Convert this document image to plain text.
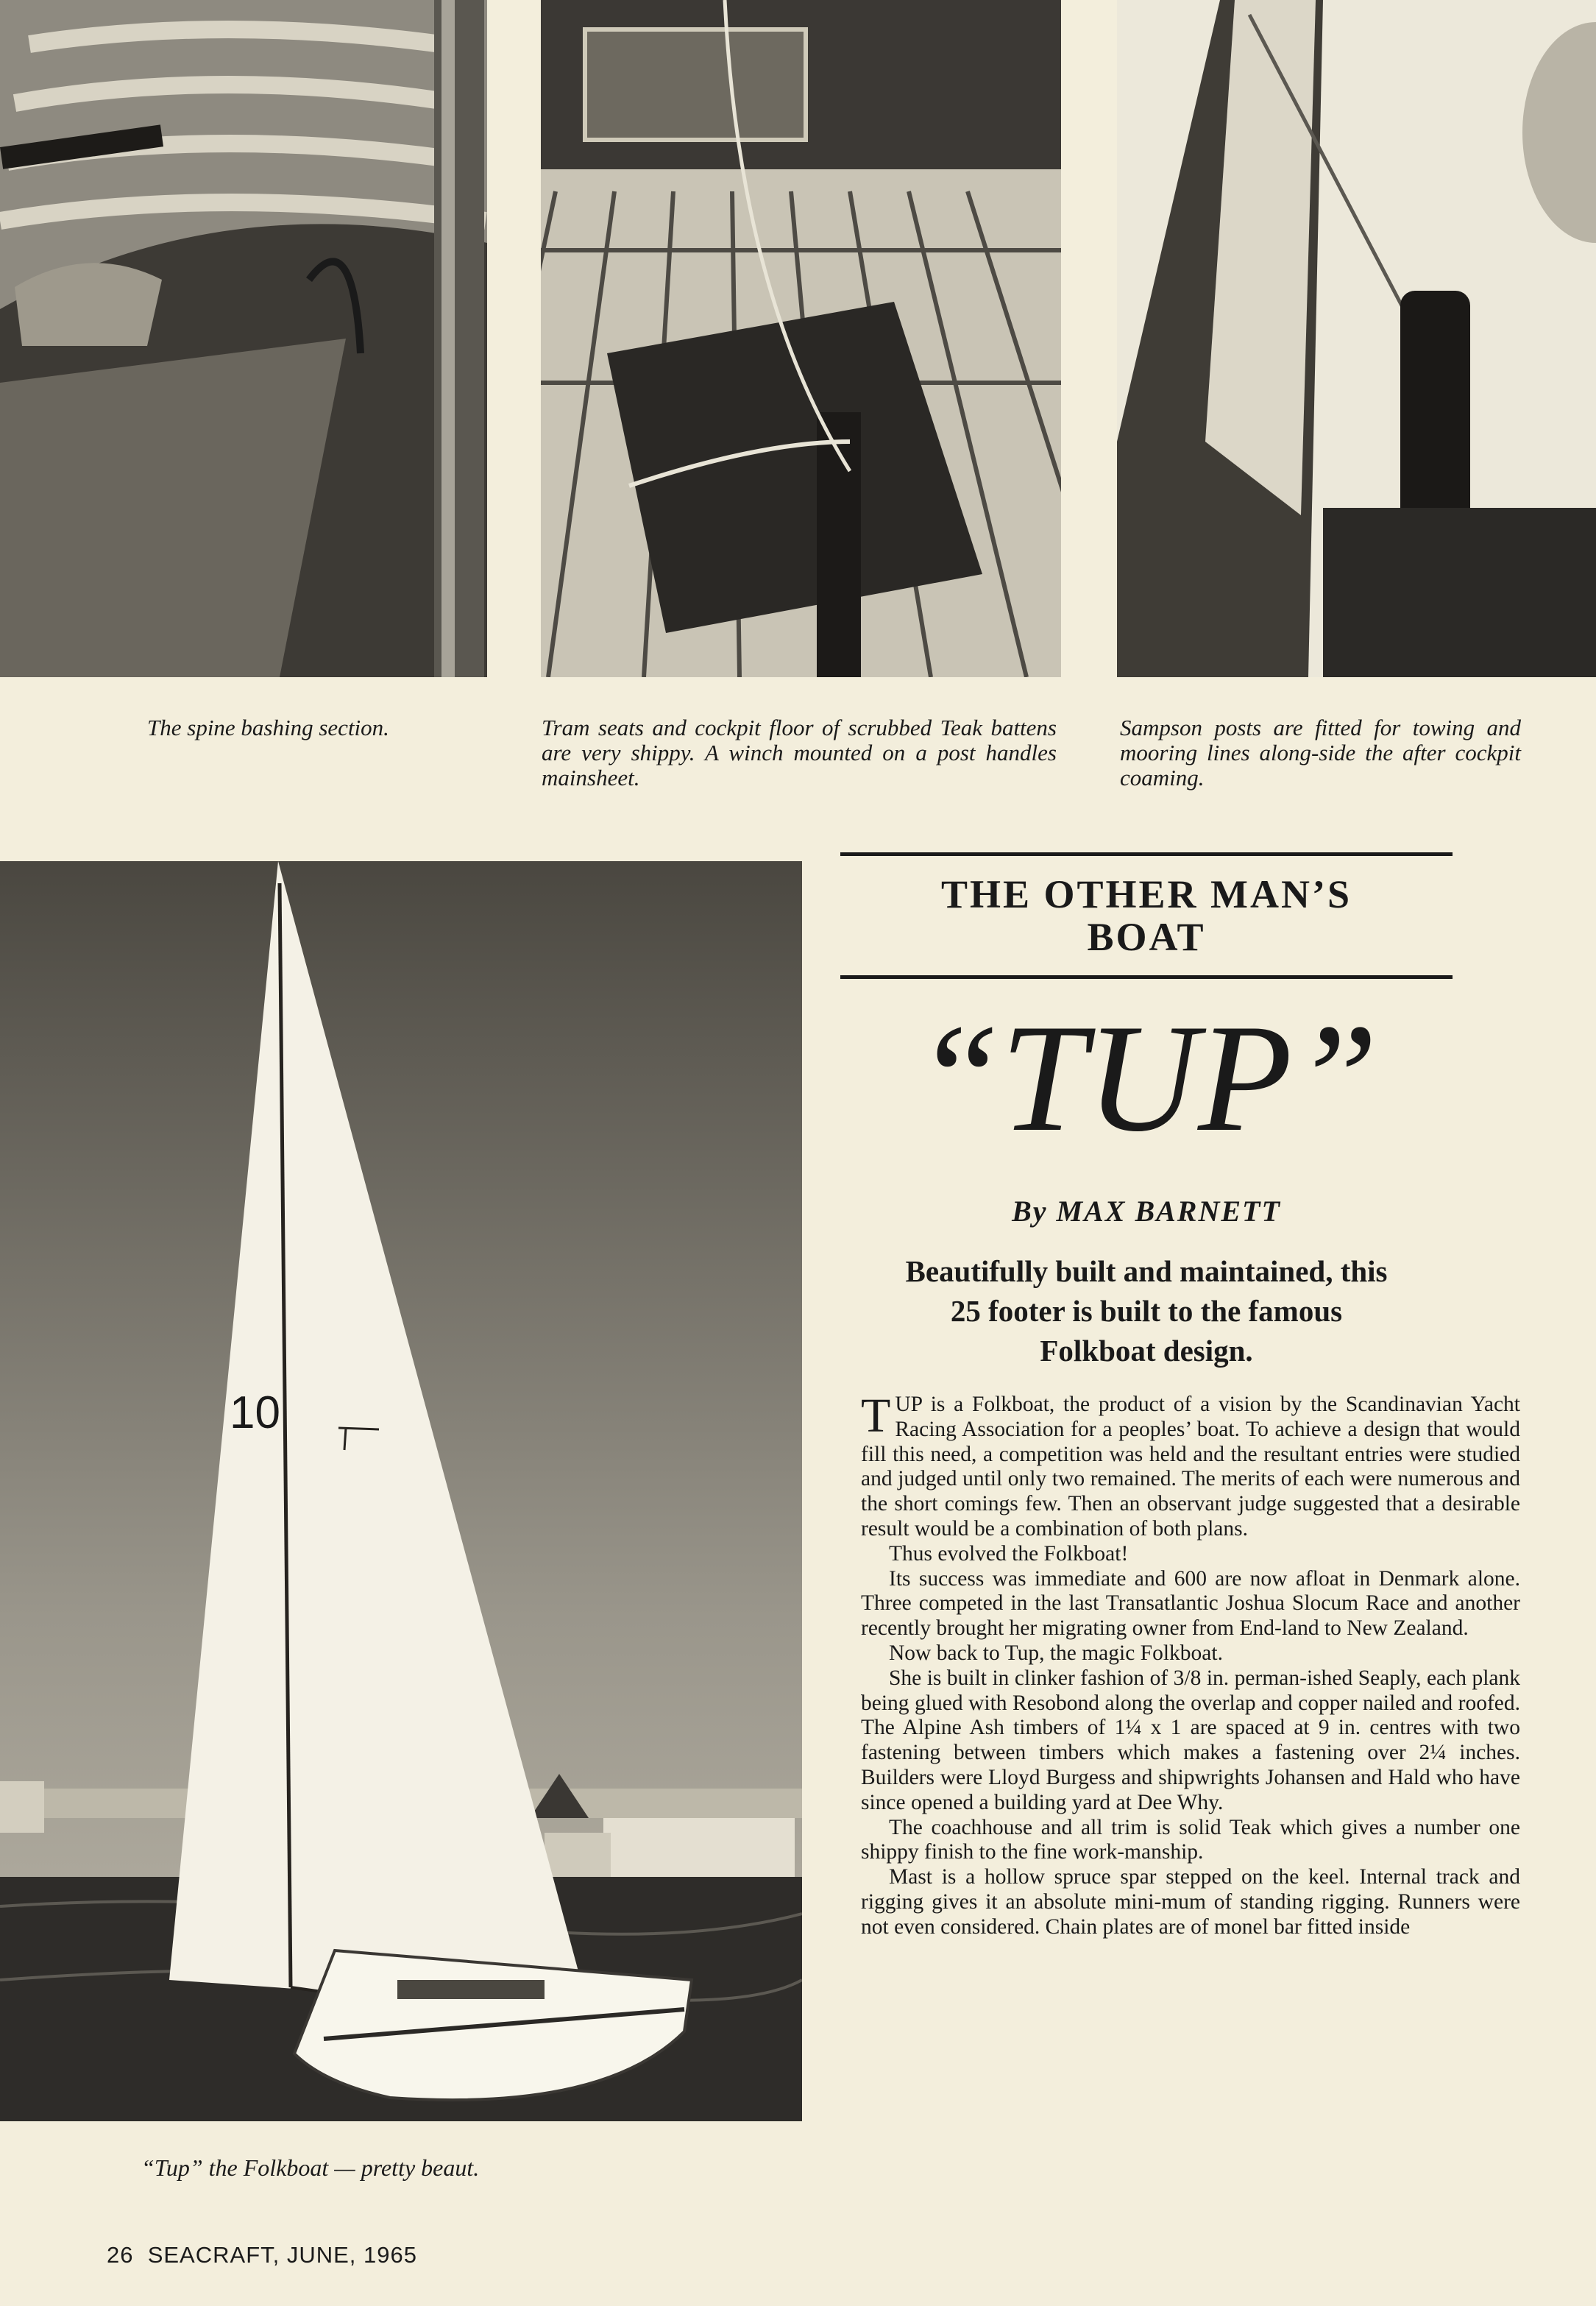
The spine bashing section.	Tram seats and cockpit floor of scrubbed Teak battens are very shippy. A winch mounted on a post handles mainsheet.
Sampson posts are fitted for towing and mooring lines along-side the after cockpit coaming.
10
“Tup” the Folkboat — pretty beaut.
THE OTHER MAN’S BOAT
“TUP”
By MAX BARNETT
Beautifully built and maintained, this 25 footer is built to the famous Folkboat design.

TUP is a Folkboat, the product of a vision by the Scandinavian Yacht Racing Association for a peoples’ boat. To achieve a design that would fill this need, a competition was held and the resultant entries were studied and judged until only two remained. The merits of each were numerous and the short comings few. Then an observant judge suggested that a desirable result would be a combination of both plans.

Thus evolved the Folkboat!

Its success was immediate and 600 are now afloat in Denmark alone. Three competed in the last Transatlantic Joshua Slocum Race and another recently brought her migrating owner from End-land to New Zealand.

Now back to Tup, the magic Folkboat.

She is built in clinker fashion of 3/8 in. perman-ished Seaply, each plank being glued with Resobond along the overlap and copper nailed and roofed. The Alpine Ash timbers of 1¼ x 1 are spaced at 9 in. centres with two fastening between timbers which makes a fastening over 2¼ inches. Builders were Lloyd Burgess and shipwrights Johansen and Hald who have since opened a building yard at Dee Why.

The coachhouse and all trim is solid Teak which gives a number one shippy finish to the fine work-manship.

Mast is a hollow spruce spar stepped on the keel. Internal track and rigging gives it an absolute mini-mum of standing rigging. Runners were not even considered. Chain plates are of monel bar fitted inside

26  SEACRAFT, JUNE, 1965
